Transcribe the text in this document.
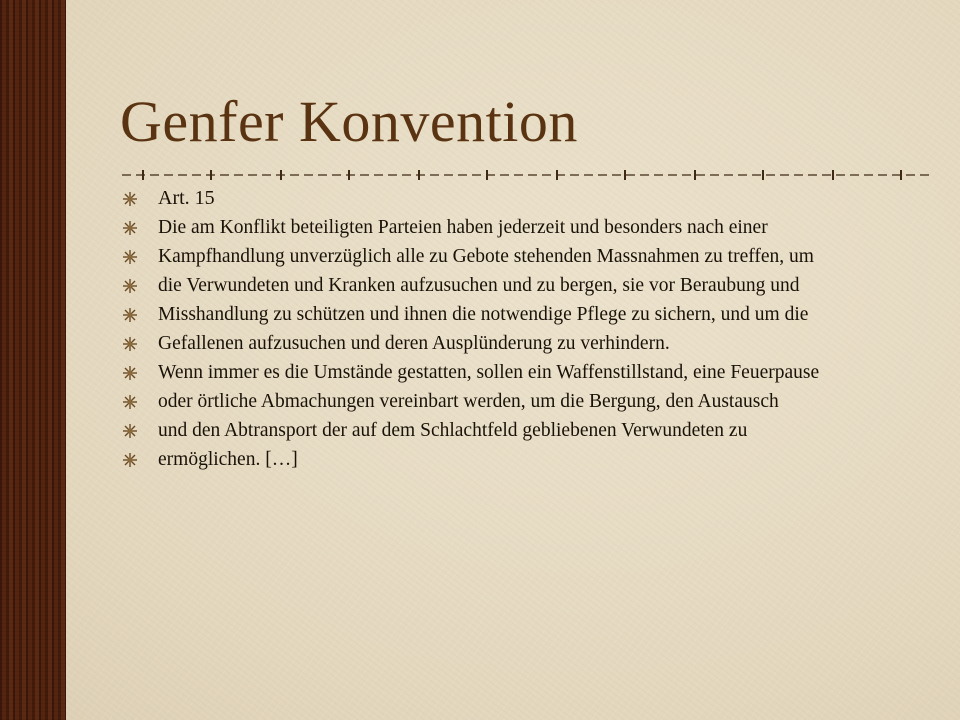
Genfer Konvention
Art. 15
Die am Konflikt beteiligten Parteien haben jederzeit und besonders nach einer
Kampfhandlung unverzüglich alle zu Gebote stehenden Massnahmen zu treffen, um
die Verwundeten und Kranken aufzusuchen und zu bergen, sie vor Beraubung und
Misshandlung zu schützen und ihnen die notwendige Pflege zu sichern, und um die
Gefallenen aufzusuchen und deren Ausplünderung zu verhindern.
Wenn immer es die Umstände gestatten, sollen ein Waffenstillstand, eine Feuerpause
oder örtliche Abmachungen vereinbart werden, um die Bergung, den Austausch
und den Abtransport der auf dem Schlachtfeld gebliebenen Verwundeten zu
ermöglichen. […]
